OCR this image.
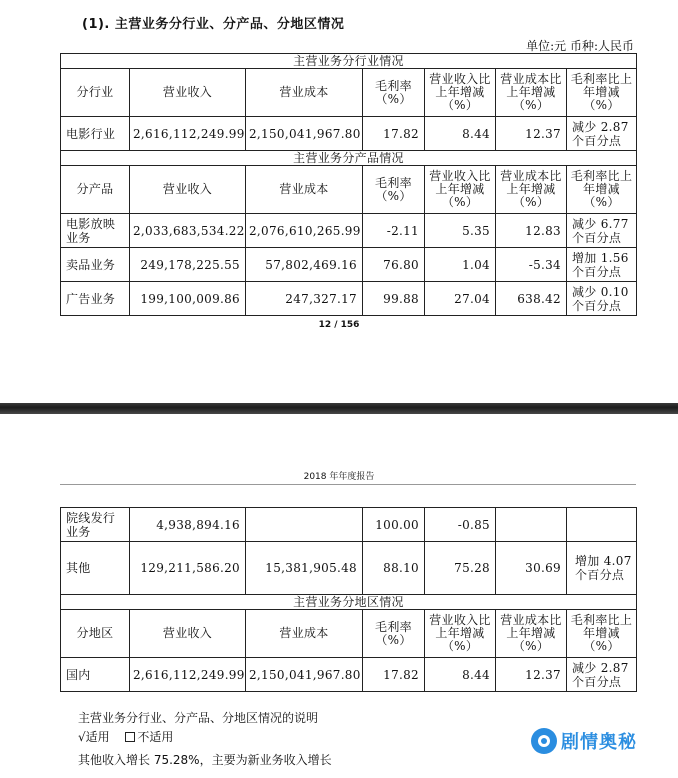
(1). 主营业务分行业、分产品、分地区情况
单位:元 币种:人民币
主营业务分行业情况						
分行业	营业收入	营业成本	毛利率（%）	营业收入比上年增减（%）	营业成本比上年增减（%）	毛利率比上年增减（%）
电影行业	2,616,112,249.99	2,150,041,967.80	17.82	8.44	12.37	减少 2.87 个百分点
主营业务分产品情况						
分产品	营业收入	营业成本	毛利率（%）	营业收入比上年增减（%）	营业成本比上年增减（%）	毛利率比上年增减（%）
电影放映业务	2,033,683,534.22	2,076,610,265.99	-2.11	5.35	12.83	减少 6.77 个百分点
卖品业务	249,178,225.55	57,802,469.16	76.80	1.04	-5.34	增加 1.56 个百分点
广告业务	199,100,009.86	247,327.17	99.88	27.04	638.42	减少 0.10 个百分点
12 / 156
2018 年年度报告
院线发行业务	4,938,894.16		100.00	-0.85		
其他	129,211,586.20	15,381,905.48	88.10	75.28	30.69	增加 4.07 个百分点
主营业务分地区情况						
分地区	营业收入	营业成本	毛利率（%）	营业收入比上年增减（%）	营业成本比上年增减（%）	毛利率比上年增减（%）
国内	2,616,112,249.99	2,150,041,967.80	17.82	8.44	12.37	减少 2.87 个百分点
主营业务分行业、分产品、分地区情况的说明
√适用 不适用
其他收入增长 75.28%，主要为新业务收入增长
剧情奥秘
